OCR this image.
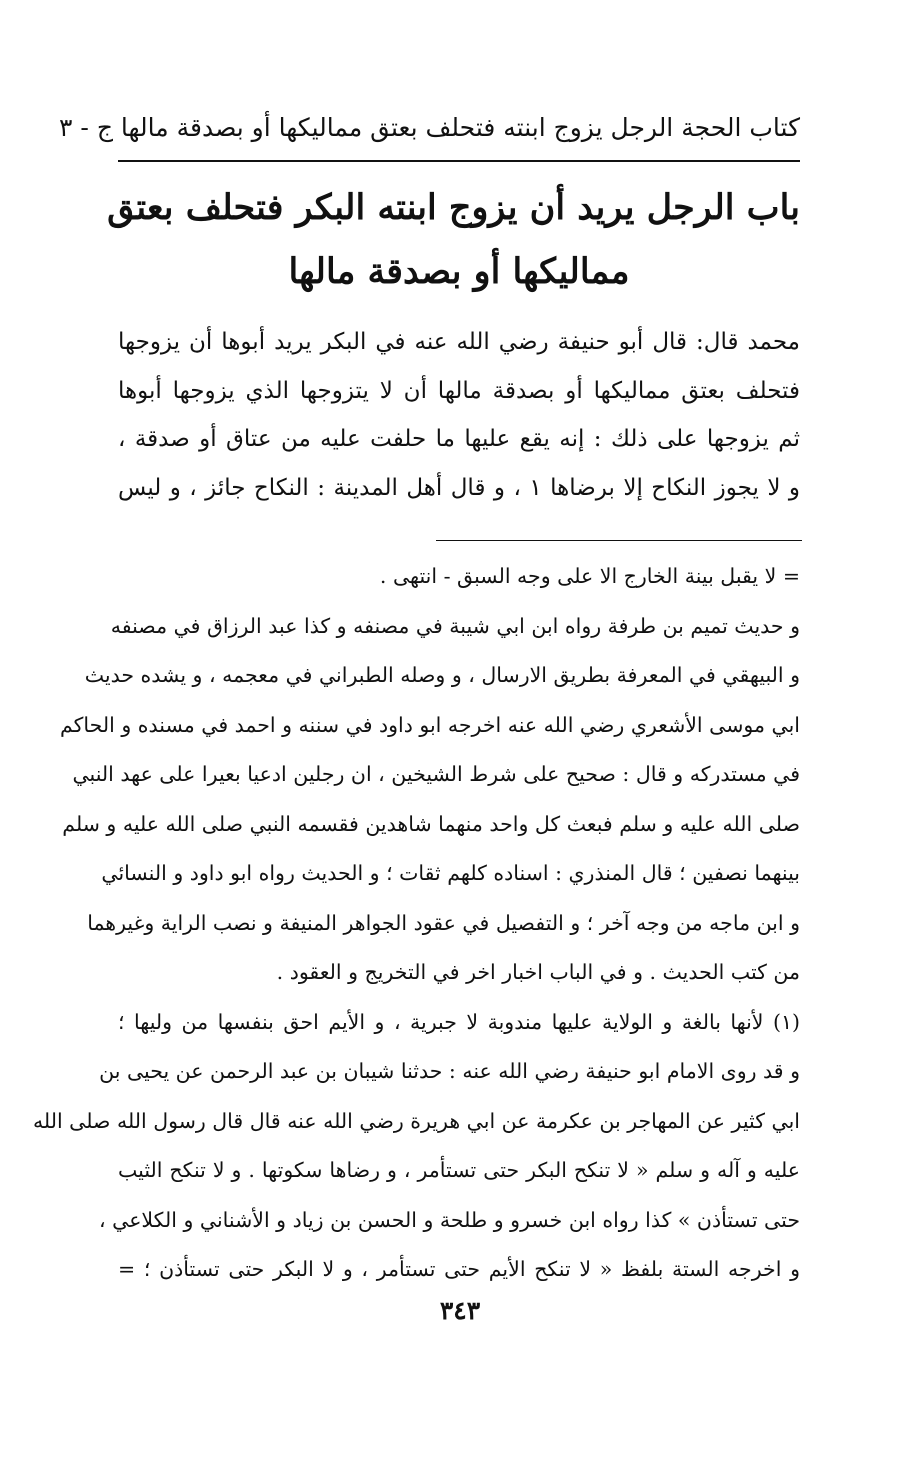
كتاب الحجة الرجل يزوج ابنته فتحلف بعتق مماليكها أو بصدقة مالها ج - ٣
باب الرجل يريد أن يزوج ابنته البكر فتحلف بعتق
مماليكها أو بصدقة مالها
محمد قال: قال أبو حنيفة رضي الله عنه في البكر يريد أبوها أن يزوجها
فتحلف بعتق مماليكها أو بصدقة مالها أن لا يتزوجها الذي يزوجها أبوها
ثم يزوجها على ذلك : إنه يقع عليها ما حلفت عليه من عتاق أو صدقة ،
و لا يجوز النكاح إلا برضاها ١ ، و قال أهل المدينة : النكاح جائز ، و ليس
= لا يقبل بينة الخارج الا على وجه السبق - انتهى .
و حديث تميم بن طرفة رواه ابن ابي شيبة في مصنفه و كذا عبد الرزاق في مصنفه
و البيهقي في المعرفة بطريق الارسال ، و وصله الطبراني في معجمه ، و يشده حديث
ابي موسى الأشعري رضي الله عنه اخرجه ابو داود في سننه و احمد في مسنده و الحاكم
في مستدركه و قال : صحيح على شرط الشيخين ، ان رجلين ادعيا بعيرا على عهد النبي
صلى الله عليه و سلم فبعث كل واحد منهما شاهدين فقسمه النبي صلى الله عليه و سلم
بينهما نصفين ؛ قال المنذري : اسناده كلهم ثقات ؛ و الحديث رواه ابو داود و النسائي
و ابن ماجه من وجه آخر ؛ و التفصيل في عقود الجواهر المنيفة و نصب الراية وغيرهما
من كتب الحديث . و في الباب اخبار اخر في التخريج و العقود .
(١) لأنها بالغة و الولاية عليها مندوبة لا جبرية ، و الأيم احق بنفسها من وليها ؛
و قد روى الامام ابو حنيفة رضي الله عنه : حدثنا شيبان بن عبد الرحمن عن يحيى بن
ابي كثير عن المهاجر بن عكرمة عن ابي هريرة رضي الله عنه قال قال رسول الله صلى الله
عليه و آله و سلم « لا تنكح البكر حتى تستأمر ، و رضاها سكوتها . و لا تنكح الثيب
حتى تستأذن » كذا رواه ابن خسرو و طلحة و الحسن بن زياد و الأشناني و الكلاعي ،
و اخرجه الستة بلفظ « لا تنكح الأيم حتى تستأمر ، و لا البكر حتى تستأذن ؛ =
٣٤٣
